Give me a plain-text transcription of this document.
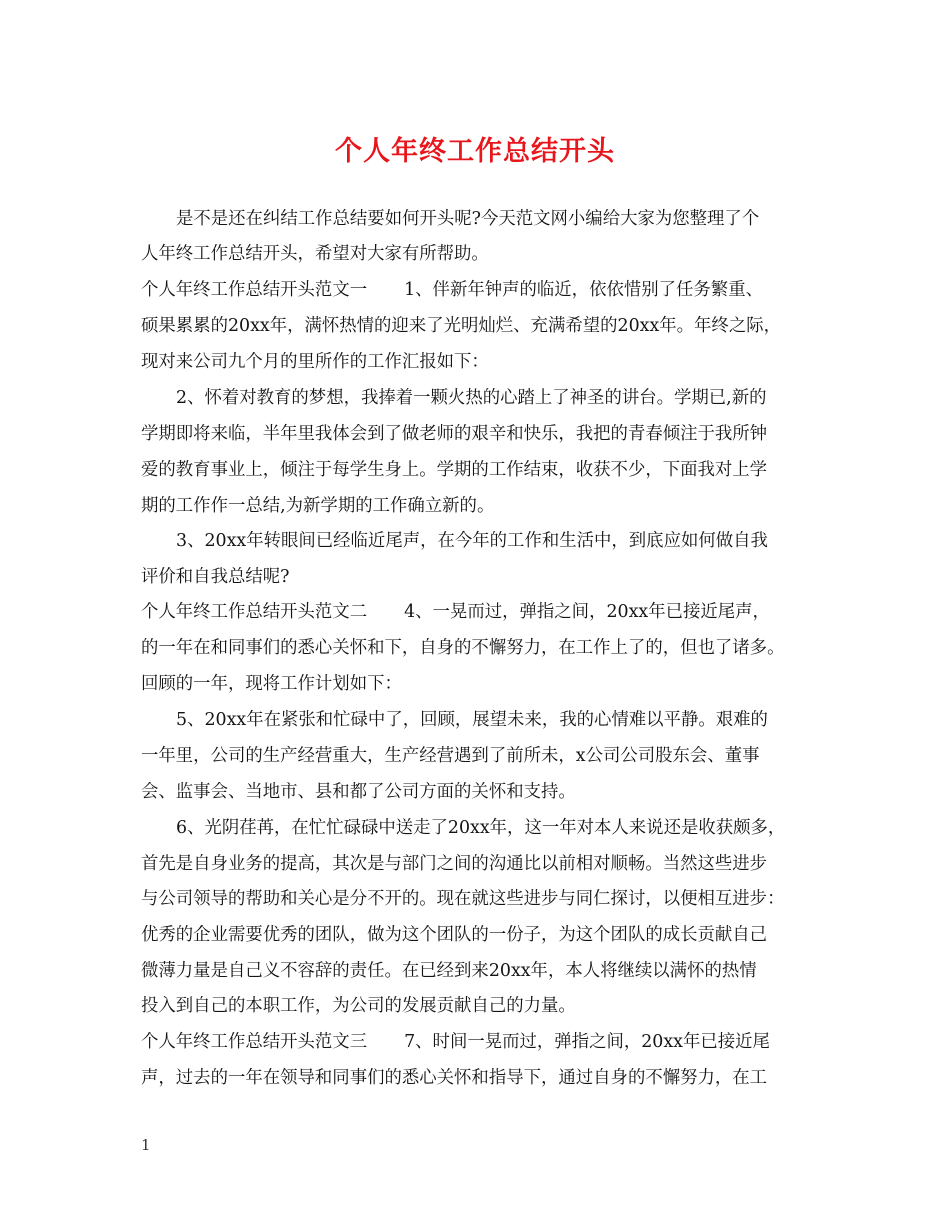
个人年终工作总结开头
是不是还在纠结工作总结要如何开头呢?今天范文网小编给大家为您整理了个
人年终工作总结开头，希望对大家有所帮助。
个人年终工作总结开头范文一 1、伴新年钟声的临近，依依惜别了任务繁重、
硕果累累的20xx年，满怀热情的迎来了光明灿烂、充满希望的20xx年。年终之际，
现对来公司九个月的里所作的工作汇报如下：
2、怀着对教育的梦想，我捧着一颗火热的心踏上了神圣的讲台。学期已,新的
学期即将来临，半年里我体会到了做老师的艰辛和快乐，我把的青春倾注于我所钟
爱的教育事业上，倾注于每学生身上。学期的工作结束，收获不少，下面我对上学
期的工作作一总结,为新学期的工作确立新的。
3、20xx年转眼间已经临近尾声，在今年的工作和生活中，到底应如何做自我
评价和自我总结呢?
个人年终工作总结开头范文二 4、一晃而过，弹指之间，20xx年已接近尾声，
的一年在和同事们的悉心关怀和下，自身的不懈努力，在工作上了的，但也了诸多。
回顾的一年，现将工作计划如下：
5、20xx年在紧张和忙碌中了，回顾，展望未来，我的心情难以平静。艰难的
一年里，公司的生产经营重大，生产经营遇到了前所未，x公司公司股东会、董事
会、监事会、当地市、县和都了公司方面的关怀和支持。
6、光阴荏苒，在忙忙碌碌中送走了20xx年，这一年对本人来说还是收获颇多，
首先是自身业务的提高，其次是与部门之间的沟通比以前相对顺畅。当然这些进步
与公司领导的帮助和关心是分不开的。现在就这些进步与同仁探讨，以便相互进步：
优秀的企业需要优秀的团队，做为这个团队的一份子，为这个团队的成长贡献自己
微薄力量是自己义不容辞的责任。在已经到来20xx年，本人将继续以满怀的热情
投入到自己的本职工作，为公司的发展贡献自己的力量。
个人年终工作总结开头范文三 7、时间一晃而过，弹指之间，20xx年已接近尾
声，过去的一年在领导和同事们的悉心关怀和指导下，通过自身的不懈努力，在工
1
